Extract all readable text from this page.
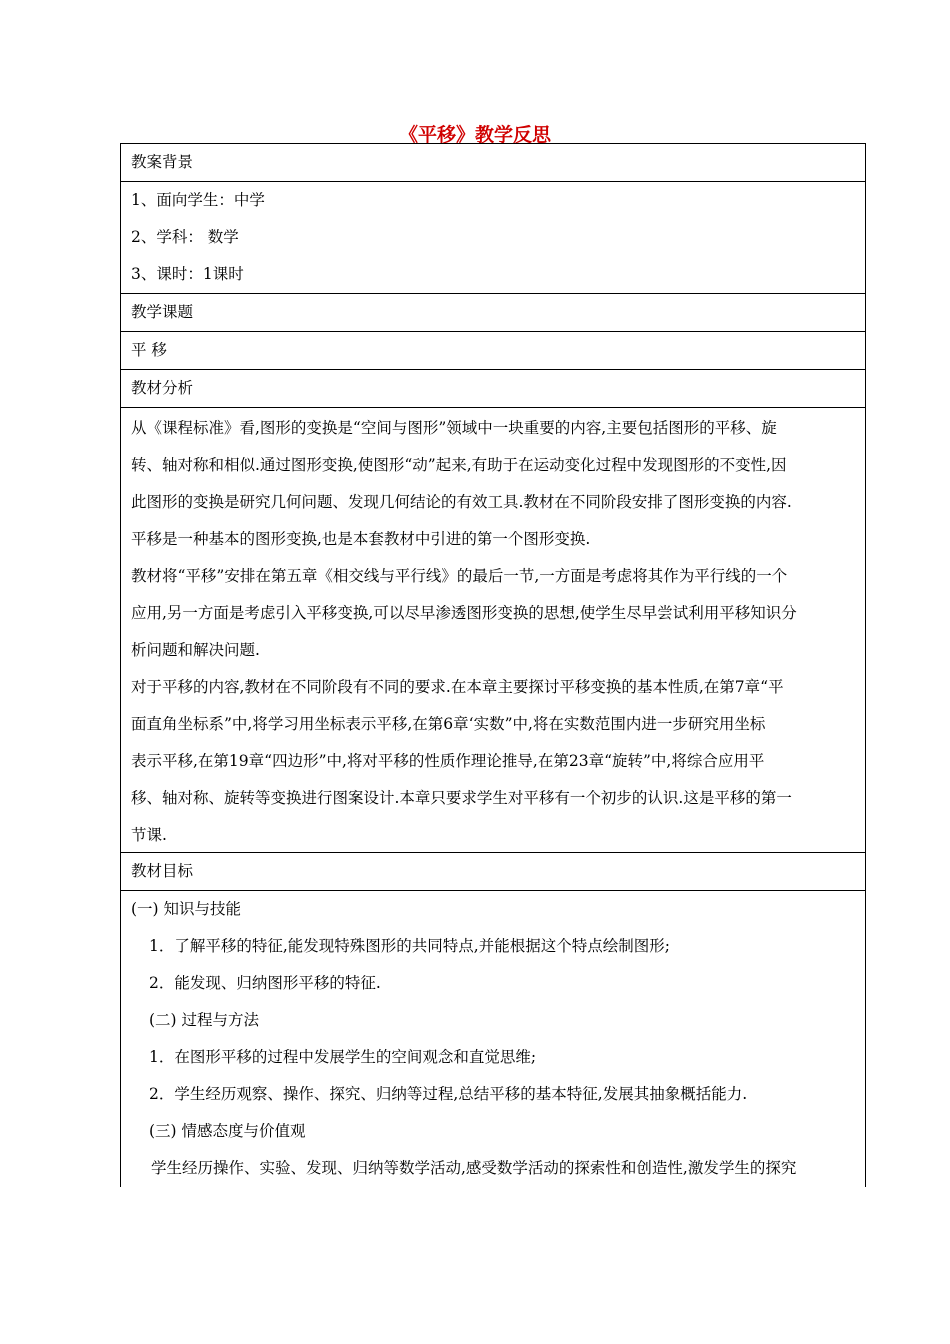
《平移》教学反思
教案背景

1、面向学生：中学
2、学科： 数学
3、课时：1课时

教学课题

平 移

教材分析

从《课程标准》看,图形的变换是“空间与图形”领域中一块重要的内容,主要包括图形的平移、旋
转、轴对称和相似.通过图形变换,使图形“动”起来,有助于在运动变化过程中发现图形的不变性,因
此图形的变换是研究几何问题、发现几何结论的有效工具.教材在不同阶段安排了图形变换的内容.
平移是一种基本的图形变换,也是本套教材中引进的第一个图形变换.
教材将“平移”安排在第五章《相交线与平行线》的最后一节,一方面是考虑将其作为平行线的一个
应用,另一方面是考虑引入平移变换,可以尽早渗透图形变换的思想,使学生尽早尝试利用平移知识分
析问题和解决问题.
对于平移的内容,教材在不同阶段有不同的要求.在本章主要探讨平移变换的基本性质,在第7章“平
面直角坐标系”中,将学习用坐标表示平移,在第6章‘实数”中,将在实数范围内进一步研究用坐标
表示平移,在第19章“四边形”中,将对平移的性质作理论推导,在第23章“旋转”中,将综合应用平
移、轴对称、旋转等变换进行图案设计.本章只要求学生对平移有一个初步的认识.这是平移的第一
节课.

教材目标

(一) 知识与技能
1．了解平移的特征,能发现特殊图形的共同特点,并能根据这个特点绘制图形;
2．能发现、归纳图形平移的特征.
(二) 过程与方法
1．在图形平移的过程中发展学生的空间观念和直觉思维;
2．学生经历观察、操作、探究、归纳等过程,总结平移的基本特征,发展其抽象概括能力.
(三) 情感态度与价值观
学生经历操作、实验、发现、归纳等数学活动,感受数学活动的探索性和创造性,激发学生的探究
